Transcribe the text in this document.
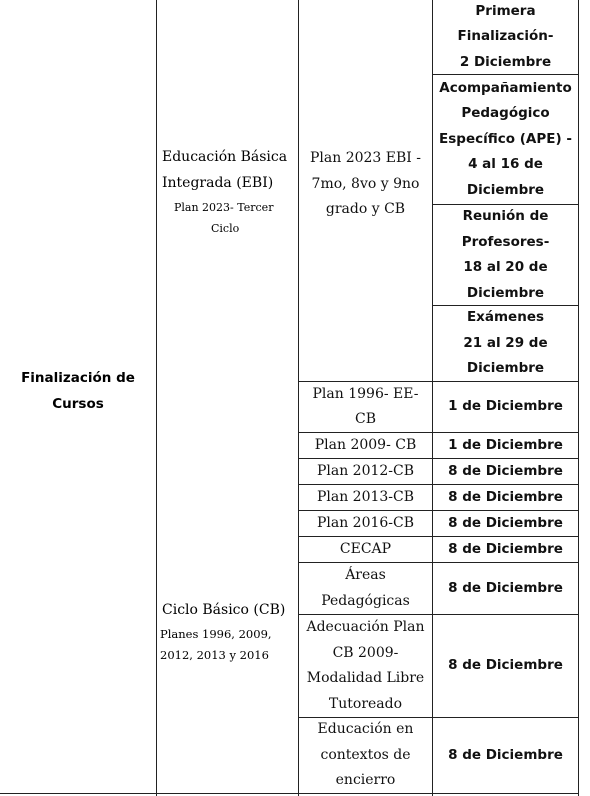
Finalización de
Cursos
Educación Básica
Integrada (EBI)
Plan 2023- Tercer
Ciclo
Ciclo Básico (CB)
Planes 1996, 2009,
2012, 2013 y 2016
Plan 2023 EBI -
7mo, 8vo y 9no
grado y CB
Primera
Finalización-
2 Diciembre
Acompañamiento
Pedagógico
Específico (APE) -
4 al 16 de
Diciembre
Reunión de
Profesores-
18 al 20 de
Diciembre
Exámenes
21 al 29 de
Diciembre
Plan 1996- EE-
CB
Plan 2009- CB
Plan 2012-CB
Plan 2013-CB
Plan 2016-CB
CECAP
Áreas
Pedagógicas
Adecuación Plan
CB 2009-
Modalidad Libre
Tutoreado
Educación en
contextos de
encierro
1 de Diciembre
1 de Diciembre
8 de Diciembre
8 de Diciembre
8 de Diciembre
8 de Diciembre
8 de Diciembre
8 de Diciembre
8 de Diciembre
